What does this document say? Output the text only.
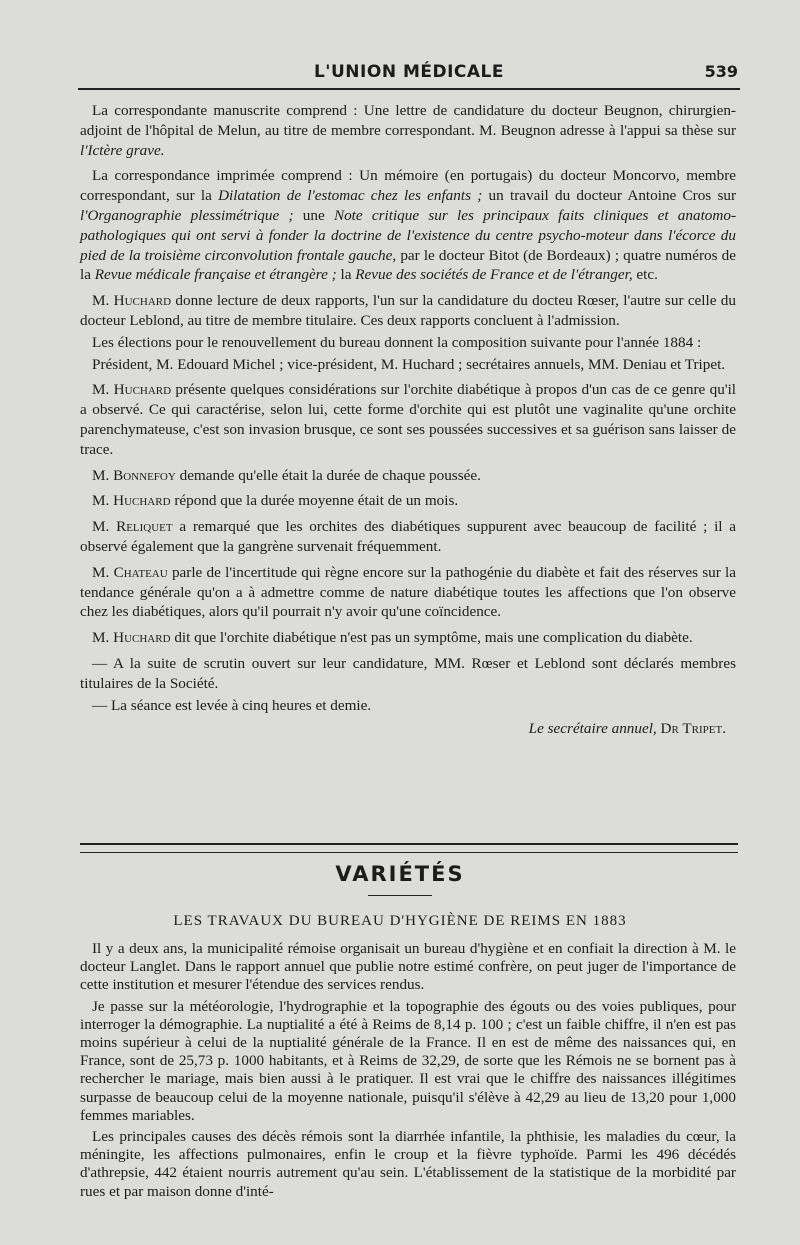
L'UNION MÉDICALE	539

La correspondante manuscrite comprend : Une lettre de candidature du docteur Beugnon, chirurgien-adjoint de l'hôpital de Melun, au titre de membre correspondant. M. Beugnon adresse à l'appui sa thèse sur l'Ictère grave.

La correspondance imprimée comprend : Un mémoire (en portugais) du docteur Moncorvo, membre correspondant, sur la Dilatation de l'estomac chez les enfants ; un travail du docteur Antoine Cros sur l'Organographie plessimétrique ; une Note critique sur les principaux faits cliniques et anatomo-pathologiques qui ont servi à fonder la doctrine de l'existence du centre psycho-moteur dans l'écorce du pied de la troisième circonvolution frontale gauche, par le docteur Bitot (de Bordeaux) ; quatre numéros de la Revue médicale française et étrangère ; la Revue des sociétés de France et de l'étranger, etc.

M. Huchard donne lecture de deux rapports, l'un sur la candidature du docteu Rœser, l'autre sur celle du docteur Leblond, au titre de membre titulaire. Ces deux rapports concluent à l'admission.

Les élections pour le renouvellement du bureau donnent la composition suivante pour l'année 1884 :

Président, M. Edouard Michel ; vice-président, M. Huchard ; secrétaires annuels, MM. Deniau et Tripet.

M. Huchard présente quelques considérations sur l'orchite diabétique à propos d'un cas de ce genre qu'il a observé. Ce qui caractérise, selon lui, cette forme d'orchite qui est plutôt une vaginalite qu'une orchite parenchymateuse, c'est son invasion brusque, ce sont ses poussées successives et sa guérison sans laisser de trace.

M. Bonnefoy demande qu'elle était la durée de chaque poussée.

M. Huchard répond que la durée moyenne était de un mois.

M. Reliquet a remarqué que les orchites des diabétiques suppurent avec beaucoup de facilité ; il a observé également que la gangrène survenait fréquemment.

M. Chateau parle de l'incertitude qui règne encore sur la pathogénie du diabète et fait des réserves sur la tendance générale qu'on a à admettre comme de nature diabétique toutes les affections que l'on observe chez les diabétiques, alors qu'il pourrait n'y avoir qu'une coïncidence.

M. Huchard dit que l'orchite diabétique n'est pas un symptôme, mais une complication du diabète.

— A la suite de scrutin ouvert sur leur candidature, MM. Rœser et Leblond sont déclarés membres titulaires de la Société.

— La séance est levée à cinq heures et demie.

Le secrétaire annuel, Dr Tripet.
VARIÉTÉS
LES TRAVAUX DU BUREAU D'HYGIÈNE DE REIMS EN 1883

Il y a deux ans, la municipalité rémoise organisait un bureau d'hygiène et en confiait la direction à M. le docteur Langlet. Dans le rapport annuel que publie notre estimé confrère, on peut juger de l'importance de cette institution et mesurer l'étendue des services rendus.

Je passe sur la météorologie, l'hydrographie et la topographie des égouts ou des voies publiques, pour interroger la démographie. La nuptialité a été à Reims de 8,14 p. 100 ; c'est un faible chiffre, il n'en est pas moins supérieur à celui de la nuptialité générale de la France. Il en est de même des naissances qui, en France, sont de 25,73 p. 1000 habitants, et à Reims de 32,29, de sorte que les Rémois ne se bornent pas à rechercher le mariage, mais bien aussi à le pratiquer. Il est vrai que le chiffre des naissances illégitimes surpasse de beaucoup celui de la moyenne nationale, puisqu'il s'élève à 42,29 au lieu de 13,20 pour 1,000 femmes mariables.

Les principales causes des décès rémois sont la diarrhée infantile, la phthisie, les maladies du cœur, la méningite, les affections pulmonaires, enfin le croup et la fièvre typhoïde. Parmi les 496 décédés d'athrepsie, 442 étaient nourris autrement qu'au sein. L'établissement de la statistique de la morbidité par rues et par maison donne d'inté-
